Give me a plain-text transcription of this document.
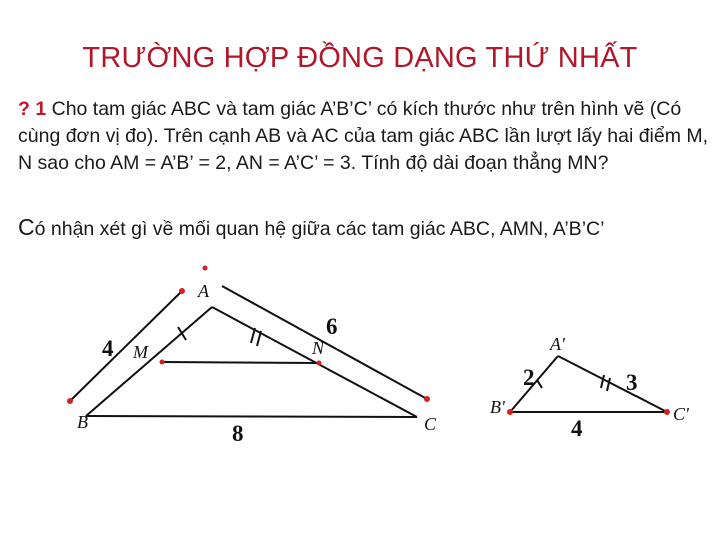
TRƯỜNG HỢP ĐỒNG DẠNG THỨ NHẤT
? 1 Cho tam giác ABC và tam giác A’B’C’ có kích thước như trên hình vẽ (Có cùng đơn vị đo). Trên cạnh AB và AC của tam giác ABC lần lượt lấy hai điểm M, N sao cho AM = A’B’ = 2, AN = A’C’ = 3. Tính độ dài đoạn thẳng MN?
Có nhận xét gì về mối quan hệ giữa các tam giác ABC, AMN, A’B’C’
A
B	C
M	N
4
6
8
A'
B'	C'
2	3
4
